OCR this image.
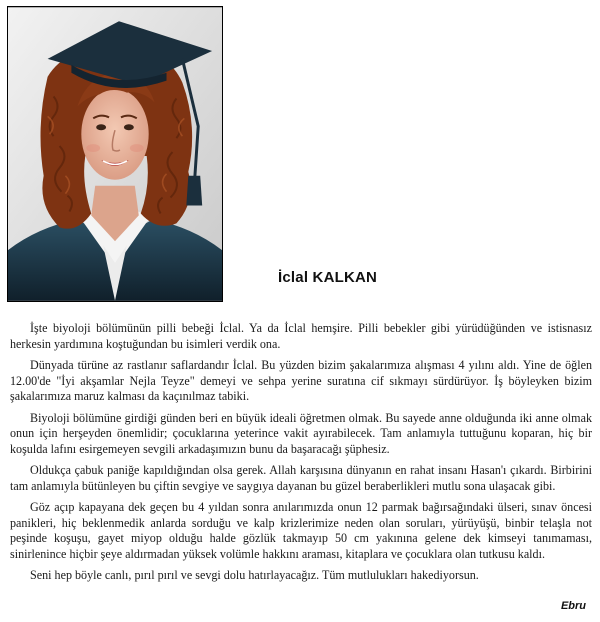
İclal KALKAN

İşte biyoloji bölümünün pilli bebeği İclal. Ya da İclal hemşire. Pilli bebekler gibi yürüdüğünden ve istisnasız herkesin yardımına koştuğundan bu isimleri verdik ona.

Dünyada türüne az rastlanır saflardandır İclal. Bu yüzden bizim şakalarımıza alışması 4 yılını aldı. Yine de öğlen 12.00'de "İyi akşamlar Nejla Teyze" demeyi ve sehpa yerine suratına cif sıkmayı sürdürüyor. İş böyleyken bizim şakalarımıza maruz kalması da kaçınılmaz tabiki.

Biyoloji bölümüne girdiği günden beri en büyük ideali öğretmen olmak. Bu sayede anne olduğunda iki anne olmak onun için herşeyden önemlidir; çocuklarına yeterince vakit ayırabilecek. Tam anlamıyla tuttuğunu koparan, hiç bir koşulda lafını esirgemeyen sevgili arkadaşımızın bunu da başaracağı şüphesiz.

Oldukça çabuk paniğe kapıldığından olsa gerek. Allah karşısına dünyanın en rahat insanı Hasan'ı çıkardı. Birbirini tam anlamıyla bütünleyen bu çiftin sevgiye ve saygıya dayanan bu güzel beraberlikleri mutlu sona ulaşacak gibi.

Göz açıp kapayana dek geçen bu 4 yıldan sonra anılarımızda onun 12 parmak bağırsağındaki ülseri, sınav öncesi panikleri, hiç beklenmedik anlarda sorduğu ve kalp krizlerimize neden olan soruları, yürüyüşü, binbir telaşla not peşinde koşuşu, gayet miyop olduğu halde gözlük takmayıp 50 cm yakınına gelene dek kimseyi tanımaması, sinirlenince hiçbir şeye aldırmadan yüksek volümle hakkını araması, kitaplara ve çocuklara olan tutkusu kaldı.

Seni hep böyle canlı, pırıl pırıl ve sevgi dolu hatırlayacağız. Tüm mutlulukları hakediyorsun.

Ebru
